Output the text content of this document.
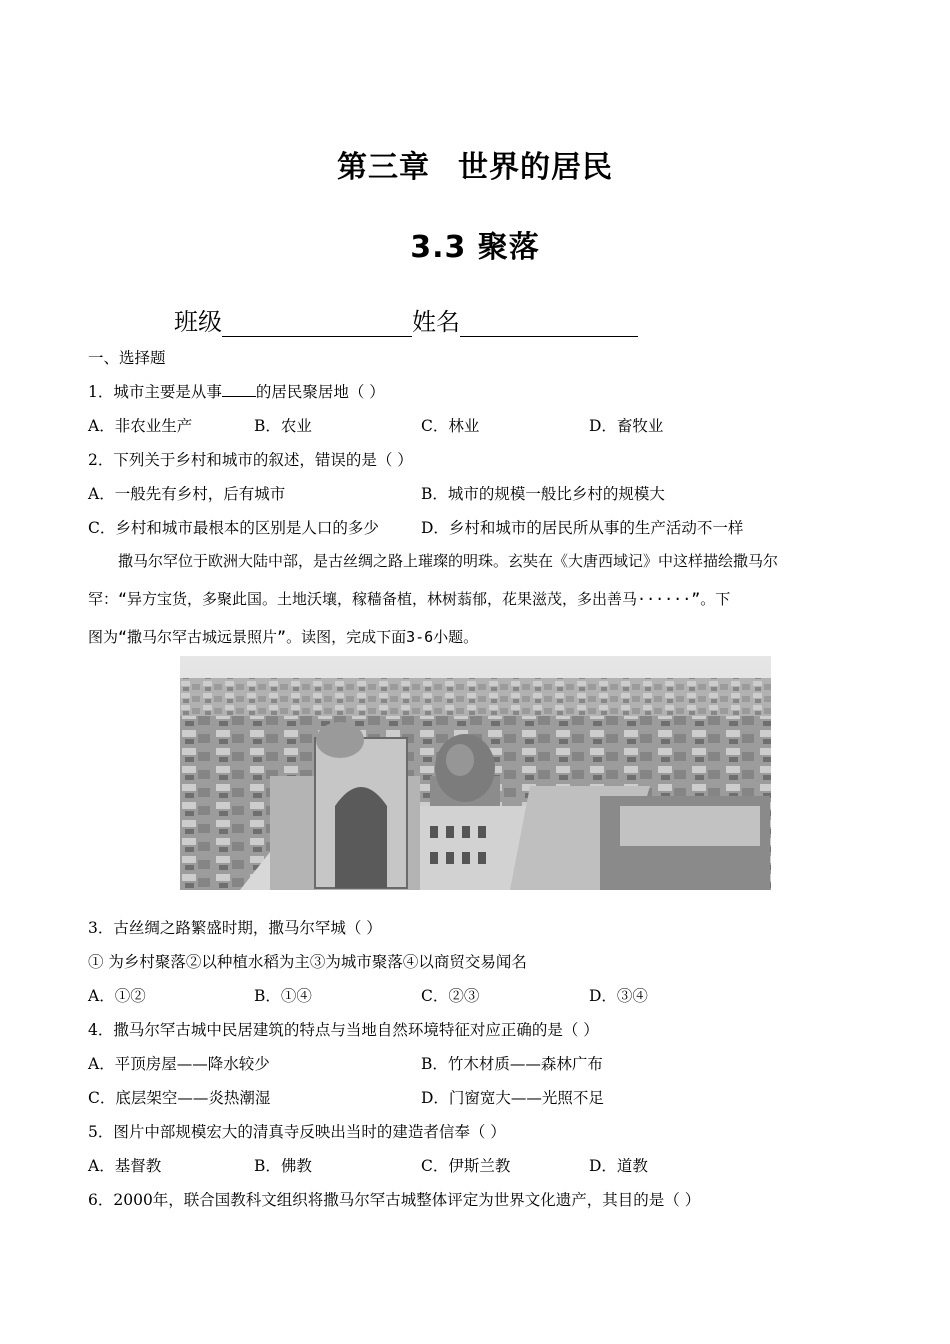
第三章 世界的居民
3.3 聚落
班级	姓名
一、选择题
1．城市主要是从事 的居民聚居地（ ）
A．非农业生产	B．农业	C．林业	D．畜牧业
2．下列关于乡村和城市的叙述，错误的是（ ）
A．一般先有乡村，后有城市	B．城市的规模一般比乡村的规模大
C．乡村和城市最根本的区别是人口的多少	D．乡村和城市的居民所从事的生产活动不一样
撒马尔罕位于欧洲大陆中部，是古丝绸之路上璀璨的明珠。玄奘在《大唐西域记》中这样描绘撒马尔
罕：“异方宝货，多聚此国。土地沃壤，稼穑备植，林树蓊郁，花果滋茂，多出善马······”。下
图为“撒马尔罕古城远景照片”。读图，完成下面3-6小题。
3．古丝绸之路繁盛时期，撒马尔罕城（ ）
① 为乡村聚落②以种植水稻为主③为城市聚落④以商贸交易闻名
A．①②	B．①④	C．②③	D．③④
4．撒马尔罕古城中民居建筑的特点与当地自然环境特征对应正确的是（ ）
A．平顶房屋——降水较少	B．竹木材质——森林广布
C．底层架空——炎热潮湿	D．门窗宽大——光照不足
5．图片中部规模宏大的清真寺反映出当时的建造者信奉（ ）
A．基督教	B．佛教	C．伊斯兰教	D．道教
6．2000年，联合国教科文组织将撒马尔罕古城整体评定为世界文化遗产，其目的是（ ）
